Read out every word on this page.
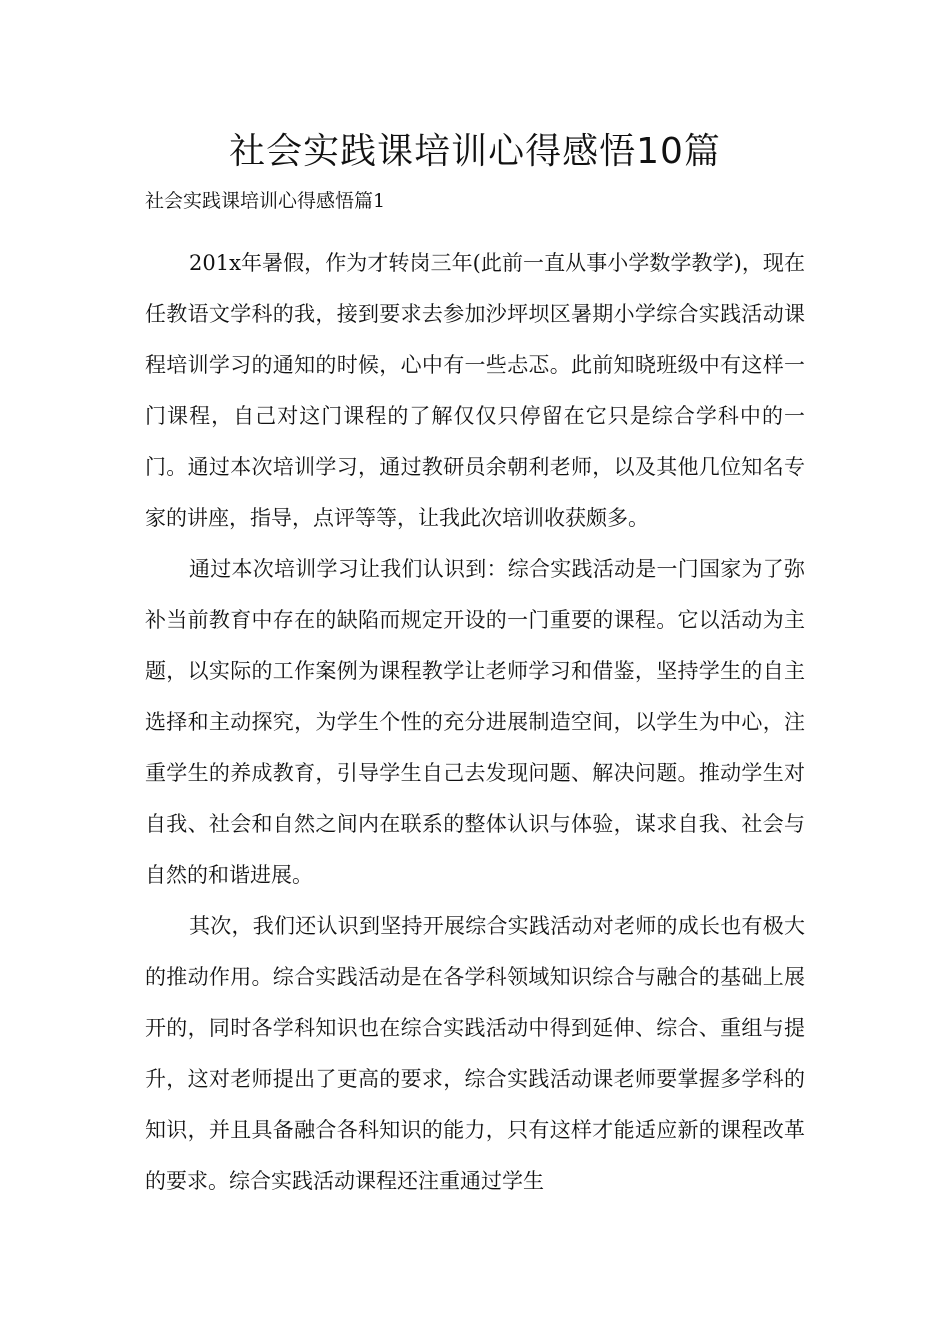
社会实践课培训心得感悟10篇

社会实践课培训心得感悟篇1

201x年暑假，作为才转岗三年(此前一直从事小学数学教学)，现在任教语文学科的我，接到要求去参加沙坪坝区暑期小学综合实践活动课程培训学习的通知的时候，心中有一些忐忑。此前知晓班级中有这样一门课程，自己对这门课程的了解仅仅只停留在它只是综合学科中的一门。通过本次培训学习，通过教研员余朝利老师，以及其他几位知名专家的讲座，指导，点评等等，让我此次培训收获颇多。

通过本次培训学习让我们认识到：综合实践活动是一门国家为了弥补当前教育中存在的缺陷而规定开设的一门重要的课程。它以活动为主题，以实际的工作案例为课程教学让老师学习和借鉴，坚持学生的自主选择和主动探究，为学生个性的充分进展制造空间，以学生为中心，注重学生的养成教育，引导学生自己去发现问题、解决问题。推动学生对自我、社会和自然之间内在联系的整体认识与体验，谋求自我、社会与自然的和谐进展。

其次，我们还认识到坚持开展综合实践活动对老师的成长也有极大的推动作用。综合实践活动是在各学科领域知识综合与融合的基础上展开的，同时各学科知识也在综合实践活动中得到延伸、综合、重组与提升，这对老师提出了更高的要求，综合实践活动课老师要掌握多学科的知识，并且具备融合各科知识的能力，只有这样才能适应新的课程改革的要求。综合实践活动课程还注重通过学生
